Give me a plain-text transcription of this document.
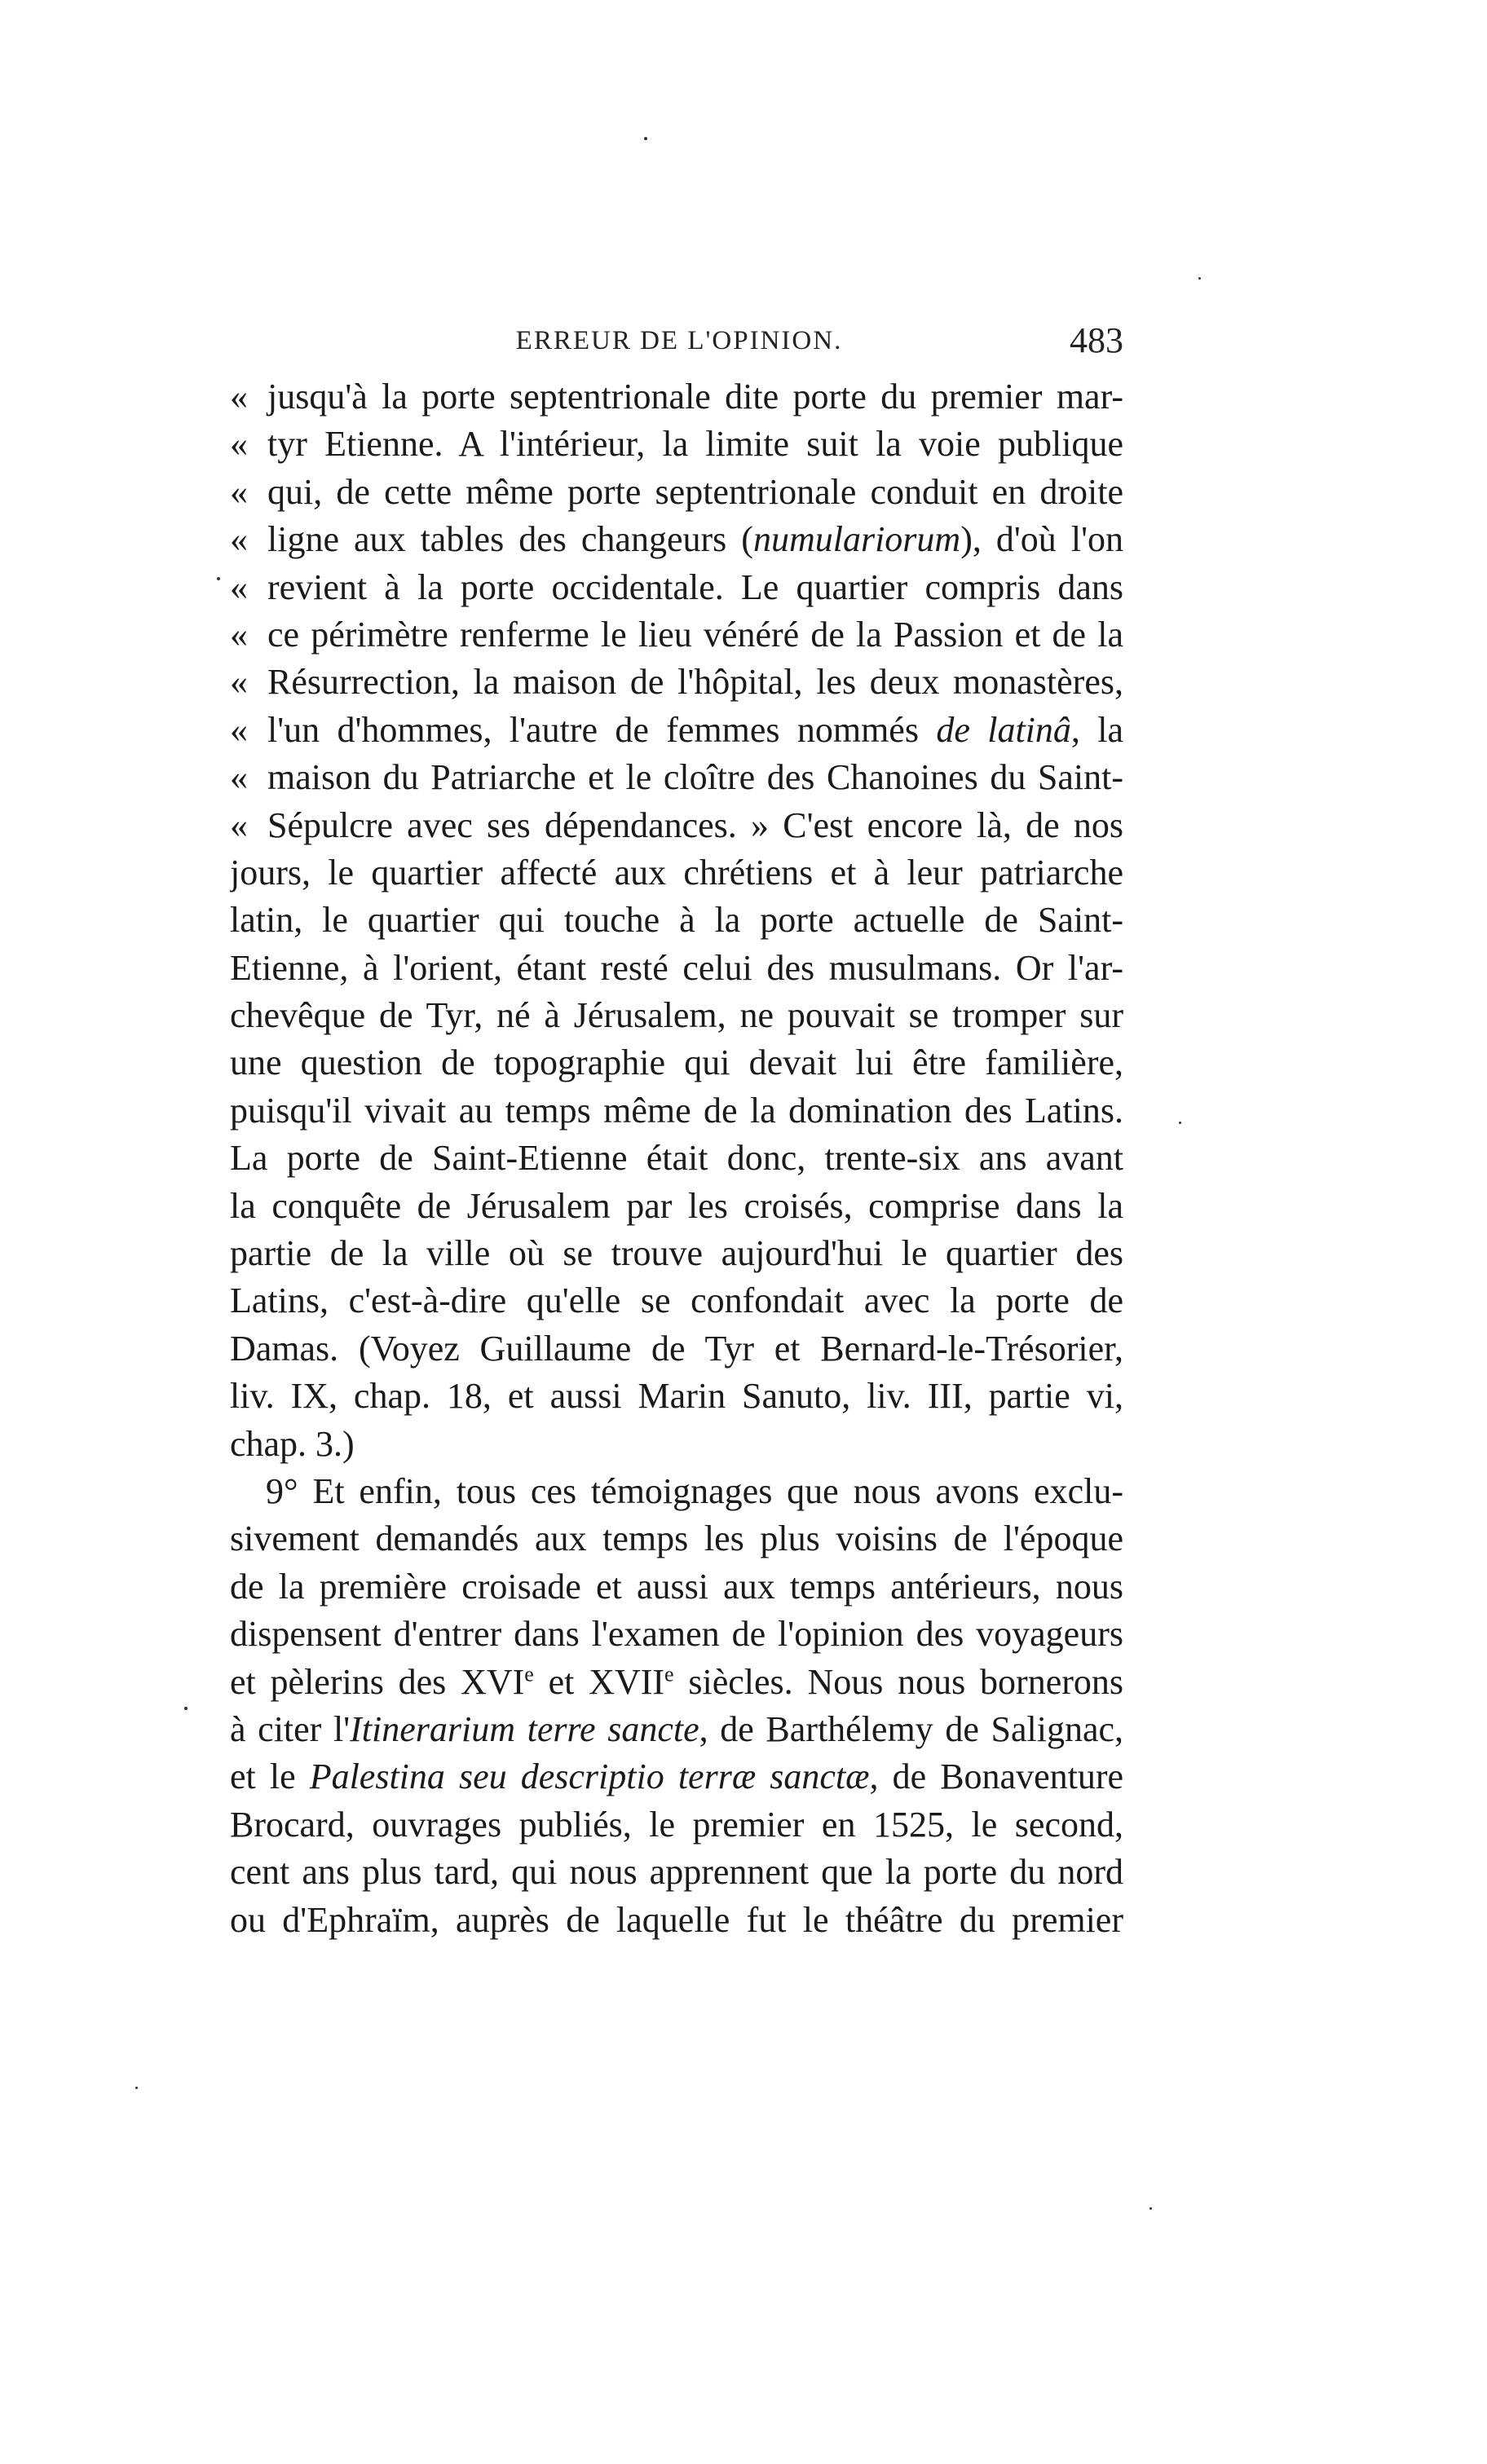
ERREUR DE L'OPINION.	483
« jusqu'à la porte septentrionale dite porte du premier mar-
« tyr Etienne. A l'intérieur, la limite suit la voie publique
« qui, de cette même porte septentrionale conduit en droite
« ligne aux tables des changeurs (numulariorum), d'où l'on
« revient à la porte occidentale. Le quartier compris dans
« ce périmètre renferme le lieu vénéré de la Passion et de la
« Résurrection, la maison de l'hôpital, les deux monastères,
« l'un d'hommes, l'autre de femmes nommés de latinâ, la
« maison du Patriarche et le cloître des Chanoines du Saint-
« Sépulcre avec ses dépendances. » C'est encore là, de nos
jours, le quartier affecté aux chrétiens et à leur patriarche
latin, le quartier qui touche à la porte actuelle de Saint-
Etienne, à l'orient, étant resté celui des musulmans. Or l'ar-
chevêque de Tyr, né à Jérusalem, ne pouvait se tromper sur
une question de topographie qui devait lui être familière,
puisqu'il vivait au temps même de la domination des Latins.
La porte de Saint-Etienne était donc, trente-six ans avant
la conquête de Jérusalem par les croisés, comprise dans la
partie de la ville où se trouve aujourd'hui le quartier des
Latins, c'est-à-dire qu'elle se confondait avec la porte de
Damas. (Voyez Guillaume de Tyr et Bernard-le-Trésorier,
liv. IX, chap. 18, et aussi Marin Sanuto, liv. III, partie vi,
chap. 3.)
9° Et enfin, tous ces témoignages que nous avons exclu-
sivement demandés aux temps les plus voisins de l'époque
de la première croisade et aussi aux temps antérieurs, nous
dispensent d'entrer dans l'examen de l'opinion des voyageurs
et pèlerins des XVIe et XVIIe siècles. Nous nous bornerons
à citer l'Itinerarium terre sancte, de Barthélemy de Salignac,
et le Palestina seu descriptio terræ sanctæ, de Bonaventure
Brocard, ouvrages publiés, le premier en 1525, le second,
cent ans plus tard, qui nous apprennent que la porte du nord
ou d'Ephraïm, auprès de laquelle fut le théâtre du premier
